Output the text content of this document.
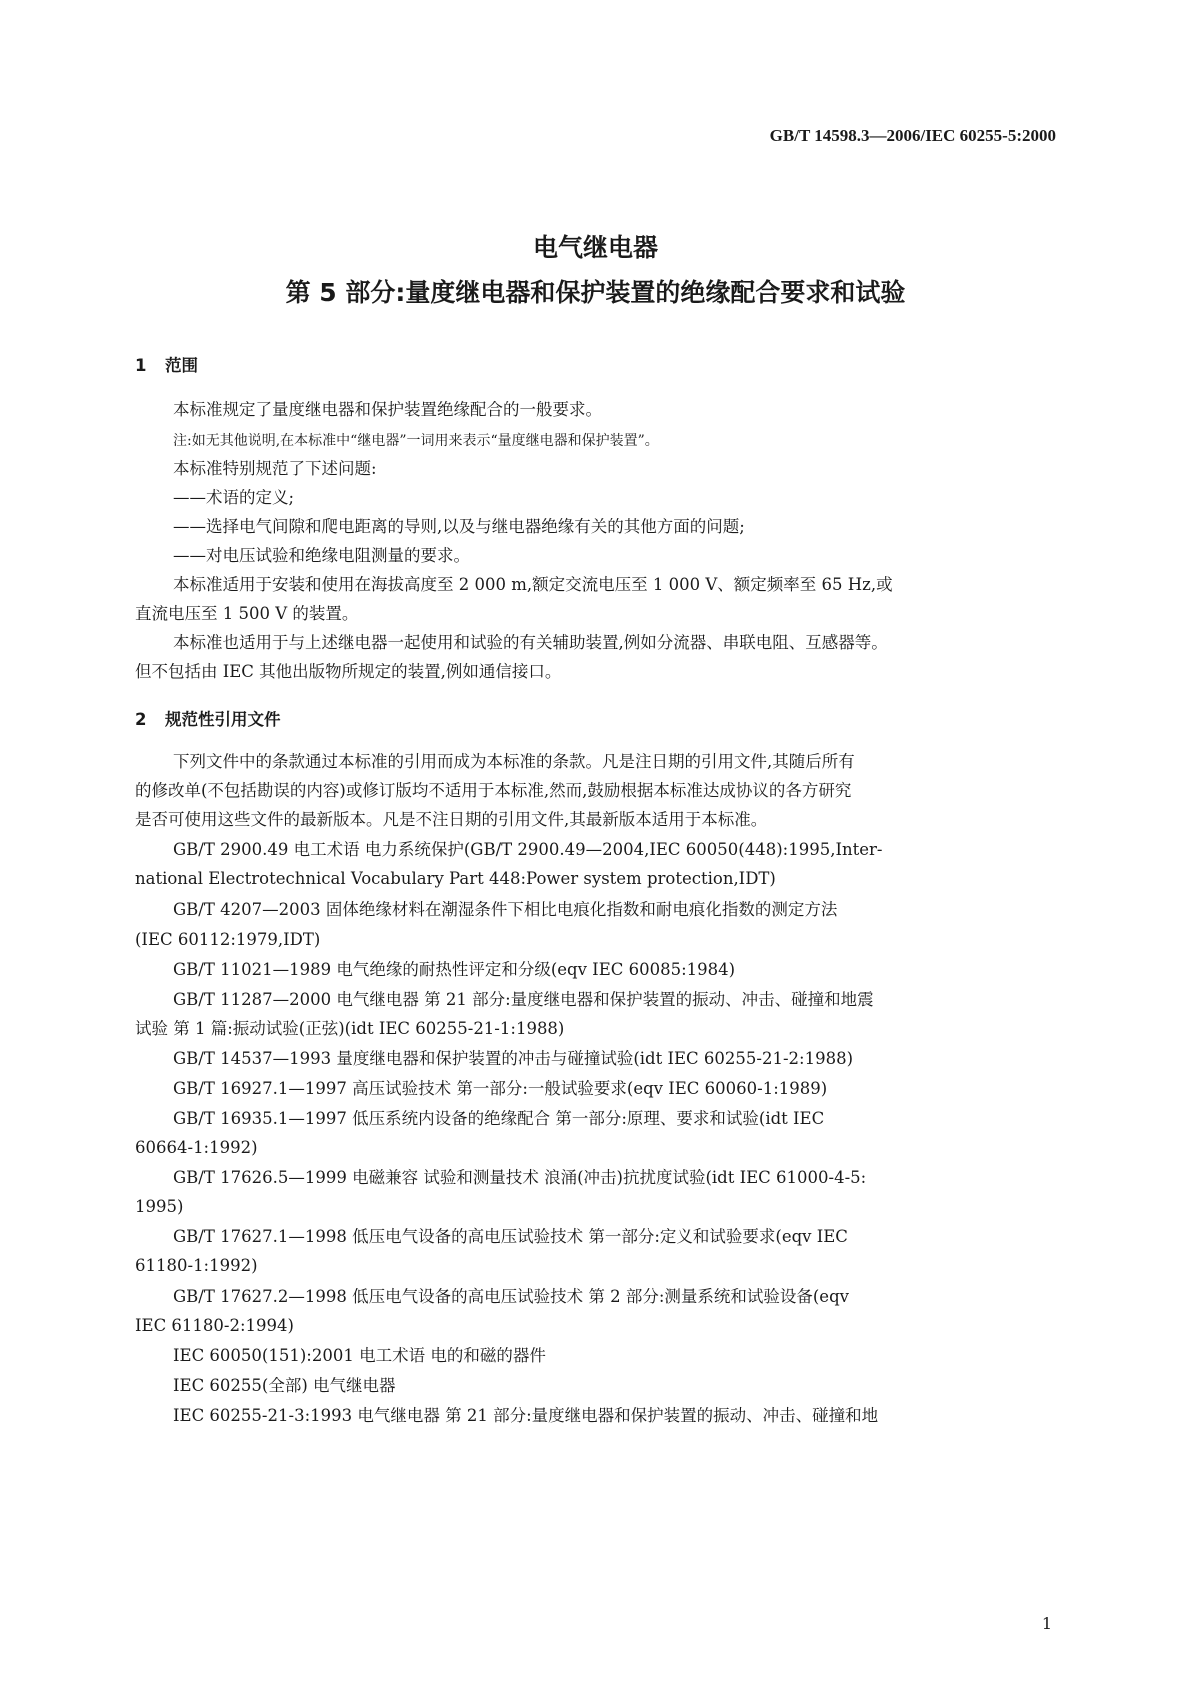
GB/T 14598.3—2006/IEC 60255-5:2000
电气继电器
第 5 部分:量度继电器和保护装置的绝缘配合要求和试验
1 范围
本标准规定了量度继电器和保护装置绝缘配合的一般要求。
注:如无其他说明,在本标准中“继电器”一词用来表示“量度继电器和保护装置”。
本标准特别规范了下述问题:
——术语的定义;
——选择电气间隙和爬电距离的导则,以及与继电器绝缘有关的其他方面的问题;
——对电压试验和绝缘电阻测量的要求。
本标准适用于安装和使用在海拔高度至 2 000 m,额定交流电压至 1 000 V、额定频率至 65 Hz,或
直流电压至 1 500 V 的装置。
本标准也适用于与上述继电器一起使用和试验的有关辅助装置,例如分流器、串联电阻、互感器等。
但不包括由 IEC 其他出版物所规定的装置,例如通信接口。
2 规范性引用文件
下列文件中的条款通过本标准的引用而成为本标准的条款。凡是注日期的引用文件,其随后所有
的修改单(不包括勘误的内容)或修订版均不适用于本标准,然而,鼓励根据本标准达成协议的各方研究
是否可使用这些文件的最新版本。凡是不注日期的引用文件,其最新版本适用于本标准。
GB/T 2900.49 电工术语 电力系统保护(GB/T 2900.49—2004,IEC 60050(448):1995,Inter-
national Electrotechnical Vocabulary Part 448:Power system protection,IDT)
GB/T 4207—2003 固体绝缘材料在潮湿条件下相比电痕化指数和耐电痕化指数的测定方法
(IEC 60112:1979,IDT)
GB/T 11021—1989 电气绝缘的耐热性评定和分级(eqv IEC 60085:1984)
GB/T 11287—2000 电气继电器 第 21 部分:量度继电器和保护装置的振动、冲击、碰撞和地震
试验 第 1 篇:振动试验(正弦)(idt IEC 60255-21-1:1988)
GB/T 14537—1993 量度继电器和保护装置的冲击与碰撞试验(idt IEC 60255-21-2:1988)
GB/T 16927.1—1997 高压试验技术 第一部分:一般试验要求(eqv IEC 60060-1:1989)
GB/T 16935.1—1997 低压系统内设备的绝缘配合 第一部分:原理、要求和试验(idt IEC
60664-1:1992)
GB/T 17626.5—1999 电磁兼容 试验和测量技术 浪涌(冲击)抗扰度试验(idt IEC 61000-4-5:
1995)
GB/T 17627.1—1998 低压电气设备的高电压试验技术 第一部分:定义和试验要求(eqv IEC
61180-1:1992)
GB/T 17627.2—1998 低压电气设备的高电压试验技术 第 2 部分:测量系统和试验设备(eqv
IEC 61180-2:1994)
IEC 60050(151):2001 电工术语 电的和磁的器件
IEC 60255(全部) 电气继电器
IEC 60255-21-3:1993 电气继电器 第 21 部分:量度继电器和保护装置的振动、冲击、碰撞和地
1
